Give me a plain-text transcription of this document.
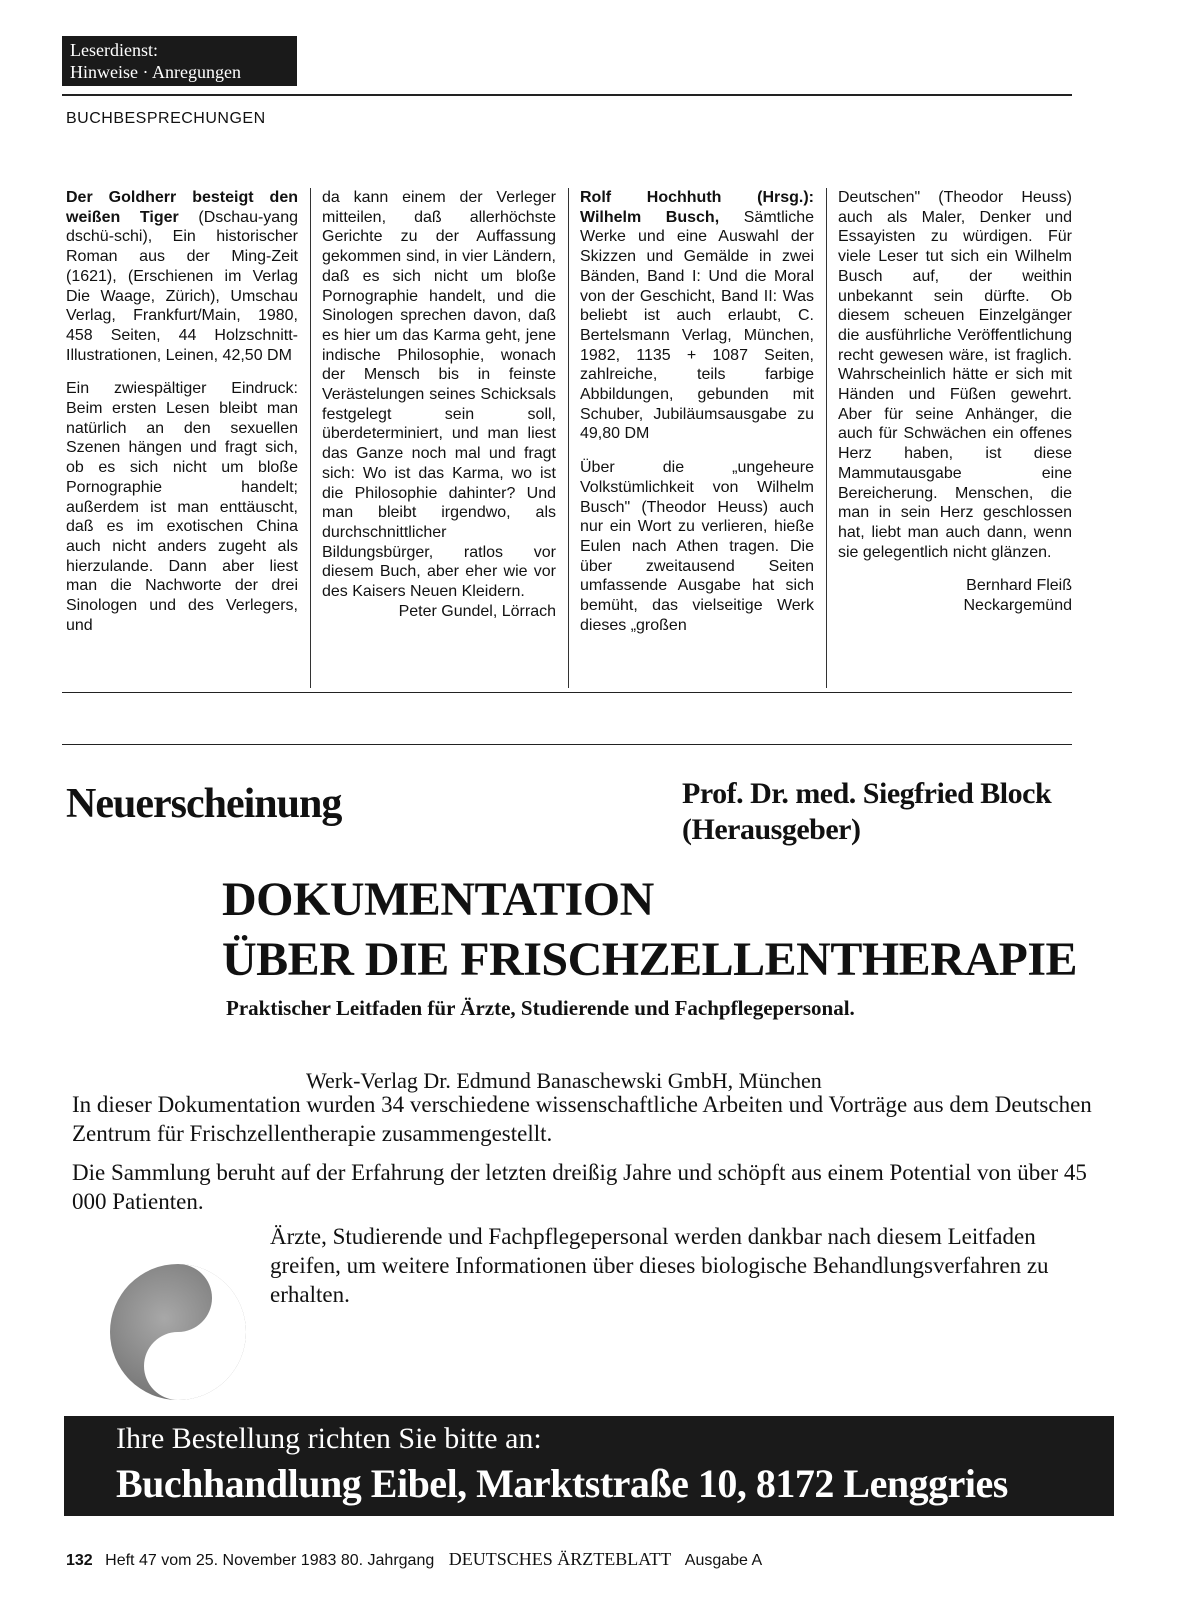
Leserdienst:
Hinweise · Anregungen
BUCHBESPRECHUNGEN

Der Goldherr besteigt den weißen Tiger (Dschau-yang dschü-schi), Ein historischer Roman aus der Ming-Zeit (1621), (Erschienen im Verlag Die Waage, Zürich), Umschau Verlag, Frankfurt/Main, 1980, 458 Seiten, 44 Holzschnitt-Illustrationen, Leinen, 42,50 DM

Ein zwiespältiger Eindruck: Beim ersten Lesen bleibt man natürlich an den sexuellen Szenen hängen und fragt sich, ob es sich nicht um bloße Pornographie handelt; außerdem ist man enttäuscht, daß es im exotischen China auch nicht anders zugeht als hierzulande. Dann aber liest man die Nachworte der drei Sinologen und des Verlegers, und

da kann einem der Verleger mitteilen, daß allerhöchste Gerichte zu der Auffassung gekommen sind, in vier Ländern, daß es sich nicht um bloße Pornographie handelt, und die Sinologen sprechen davon, daß es hier um das Karma geht, jene indische Philosophie, wonach der Mensch bis in feinste Verästelungen seines Schicksals festgelegt sein soll, überdeterminiert, und man liest das Ganze noch mal und fragt sich: Wo ist das Karma, wo ist die Philosophie dahinter? Und man bleibt irgendwo, als durchschnittlicher Bildungsbürger, ratlos vor diesem Buch, aber eher wie vor des Kaisers Neuen Kleidern.

Peter Gundel, Lörrach

Rolf Hochhuth (Hrsg.): Wilhelm Busch, Sämtliche Werke und eine Auswahl der Skizzen und Gemälde in zwei Bänden, Band I: Und die Moral von der Geschicht, Band II: Was beliebt ist auch erlaubt, C. Bertelsmann Verlag, München, 1982, 1135 + 1087 Seiten, zahlreiche, teils farbige Abbildungen, gebunden mit Schuber, Jubiläumsausgabe zu 49,80 DM

Über die „ungeheure Volkstümlichkeit von Wilhelm Busch" (Theodor Heuss) auch nur ein Wort zu verlieren, hieße Eulen nach Athen tragen. Die über zweitausend Seiten umfassende Ausgabe hat sich bemüht, das vielseitige Werk dieses „großen

Deutschen" (Theodor Heuss) auch als Maler, Denker und Essayisten zu würdigen. Für viele Leser tut sich ein Wilhelm Busch auf, der weithin unbekannt sein dürfte. Ob diesem scheuen Einzelgänger die ausführliche Veröffentlichung recht gewesen wäre, ist fraglich. Wahrscheinlich hätte er sich mit Händen und Füßen gewehrt. Aber für seine Anhänger, die auch für Schwächen ein offenes Herz haben, ist diese Mammutausgabe eine Bereicherung. Menschen, die man in sein Herz geschlossen hat, liebt man auch dann, wenn sie gelegentlich nicht glänzen.

Bernhard Fleiß

Neckargemünd

Neuerscheinung	Prof. Dr. med. Siegfried Block
(Herausgeber)
DOKUMENTATION
ÜBER DIE FRISCHZELLENTHERAPIE
Praktischer Leitfaden für Ärzte, Studierende und Fachpflegepersonal.
Werk-Verlag Dr. Edmund Banaschewski GmbH, München

In dieser Dokumentation wurden 34 verschiedene wissenschaftliche Arbeiten und Vorträge aus dem Deutschen Zentrum für Frischzellentherapie zusammengestellt.

Die Sammlung beruht auf der Erfahrung der letzten dreißig Jahre und schöpft aus einem Potential von über 45 000 Patienten.

Ärzte, Studierende und Fachpflegepersonal werden dankbar nach diesem Leitfaden greifen, um weitere Informationen über dieses biologische Behandlungsverfahren zu erhalten.

Ihre Bestellung richten Sie bitte an:
Buchhandlung Eibel, Marktstraße 10, 8172 Lenggries
132 Heft 47 vom 25. November 1983 80. Jahrgang DEUTSCHES ÄRZTEBLATT Ausgabe A
